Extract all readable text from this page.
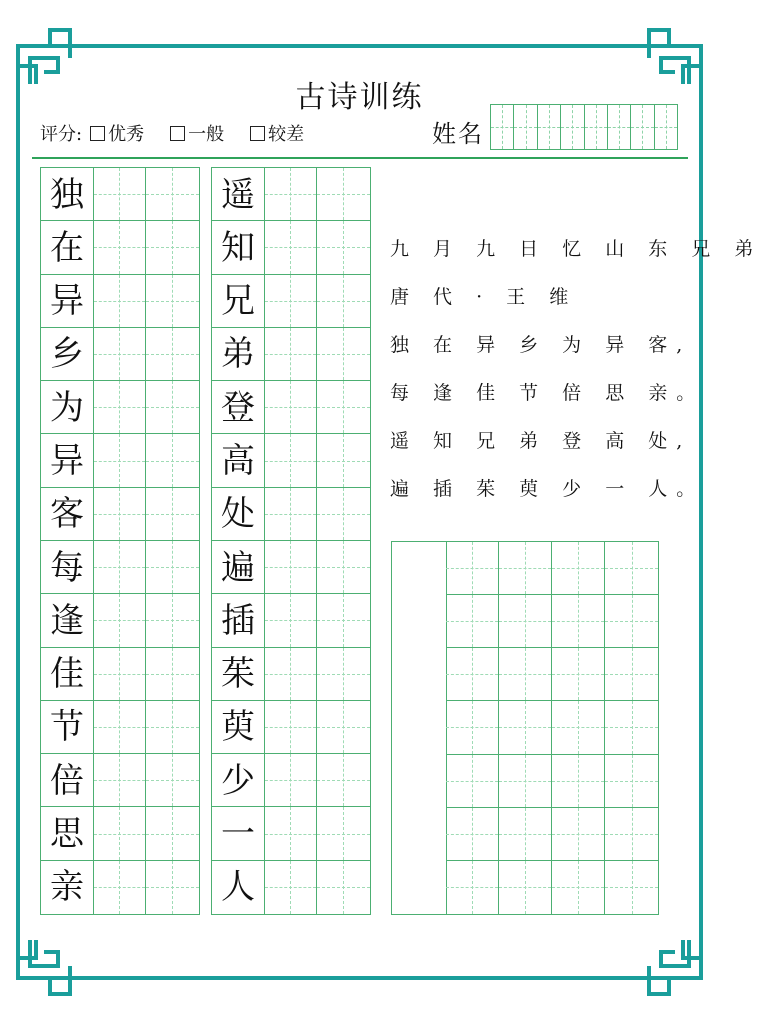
古诗训练
评分: 优秀 一般 较差	姓名
独
在
异
乡
为
异
客
每
逢
佳
节
倍
思
亲
遥
知
兄
弟
登
高
处
遍
插
茱
萸
少
一
人
九 月 九 日 忆 山 东 兄 弟
唐 代 · 王 维
独 在 异 乡 为 异 客,
每 逢 佳 节 倍 思 亲。
遥 知 兄 弟 登 高 处,
遍 插 茱 萸 少 一 人。
